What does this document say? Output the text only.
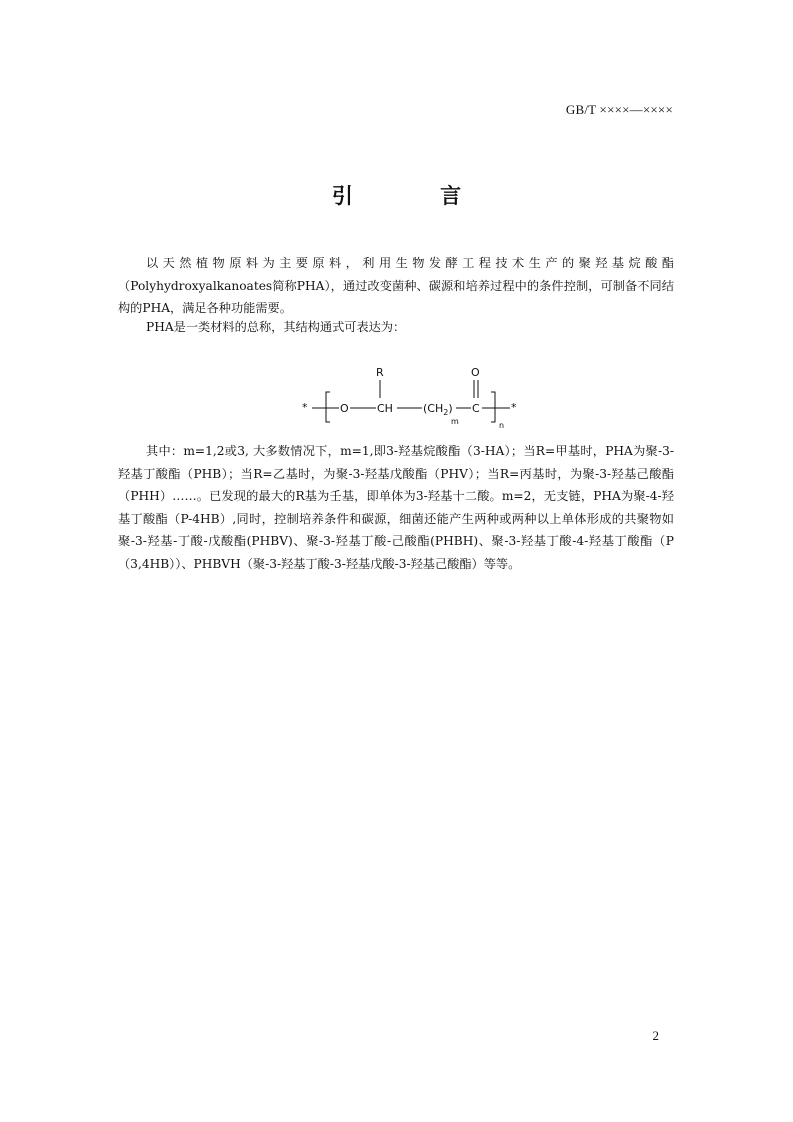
GB/T ××××—××××
引 言

以天然植物原料为主要原料，利用生物发酵工程技术生产的聚羟基烷酸酯（Polyhydroxyalkanoates简称PHA），通过改变菌种、碳源和培养过程中的条件控制，可制备不同结构的PHA，满足各种功能需要。

PHA是一类材料的总称，其结构通式可表达为：

*	O
R
CH	$(CH_2)$
m
O
C
n
*

其中：m=1,2或3, 大多数情况下，m=1,即3-羟基烷酸酯（3-HA）；当R=甲基时，PHA为聚-3-羟基丁酸酯（PHB）；当R=乙基时，为聚-3-羟基戊酸酯（PHV）；当R=丙基时，为聚-3-羟基己酸酯（PHH）……。已发现的最大的R基为壬基，即单体为3-羟基十二酸。m=2，无支链，PHA为聚-4-羟基丁酸酯（P-4HB）,同时，控制培养条件和碳源，细菌还能产生两种或两种以上单体形成的共聚物如聚-3-羟基-丁酸-戊酸酯(PHBV)、聚-3-羟基丁酸-己酸酯(PHBH)、聚-3-羟基丁酸-4-羟基丁酸酯（P（3,4HB））、PHBVH（聚-3-羟基丁酸-3-羟基戊酸-3-羟基己酸酯）等等。

2
